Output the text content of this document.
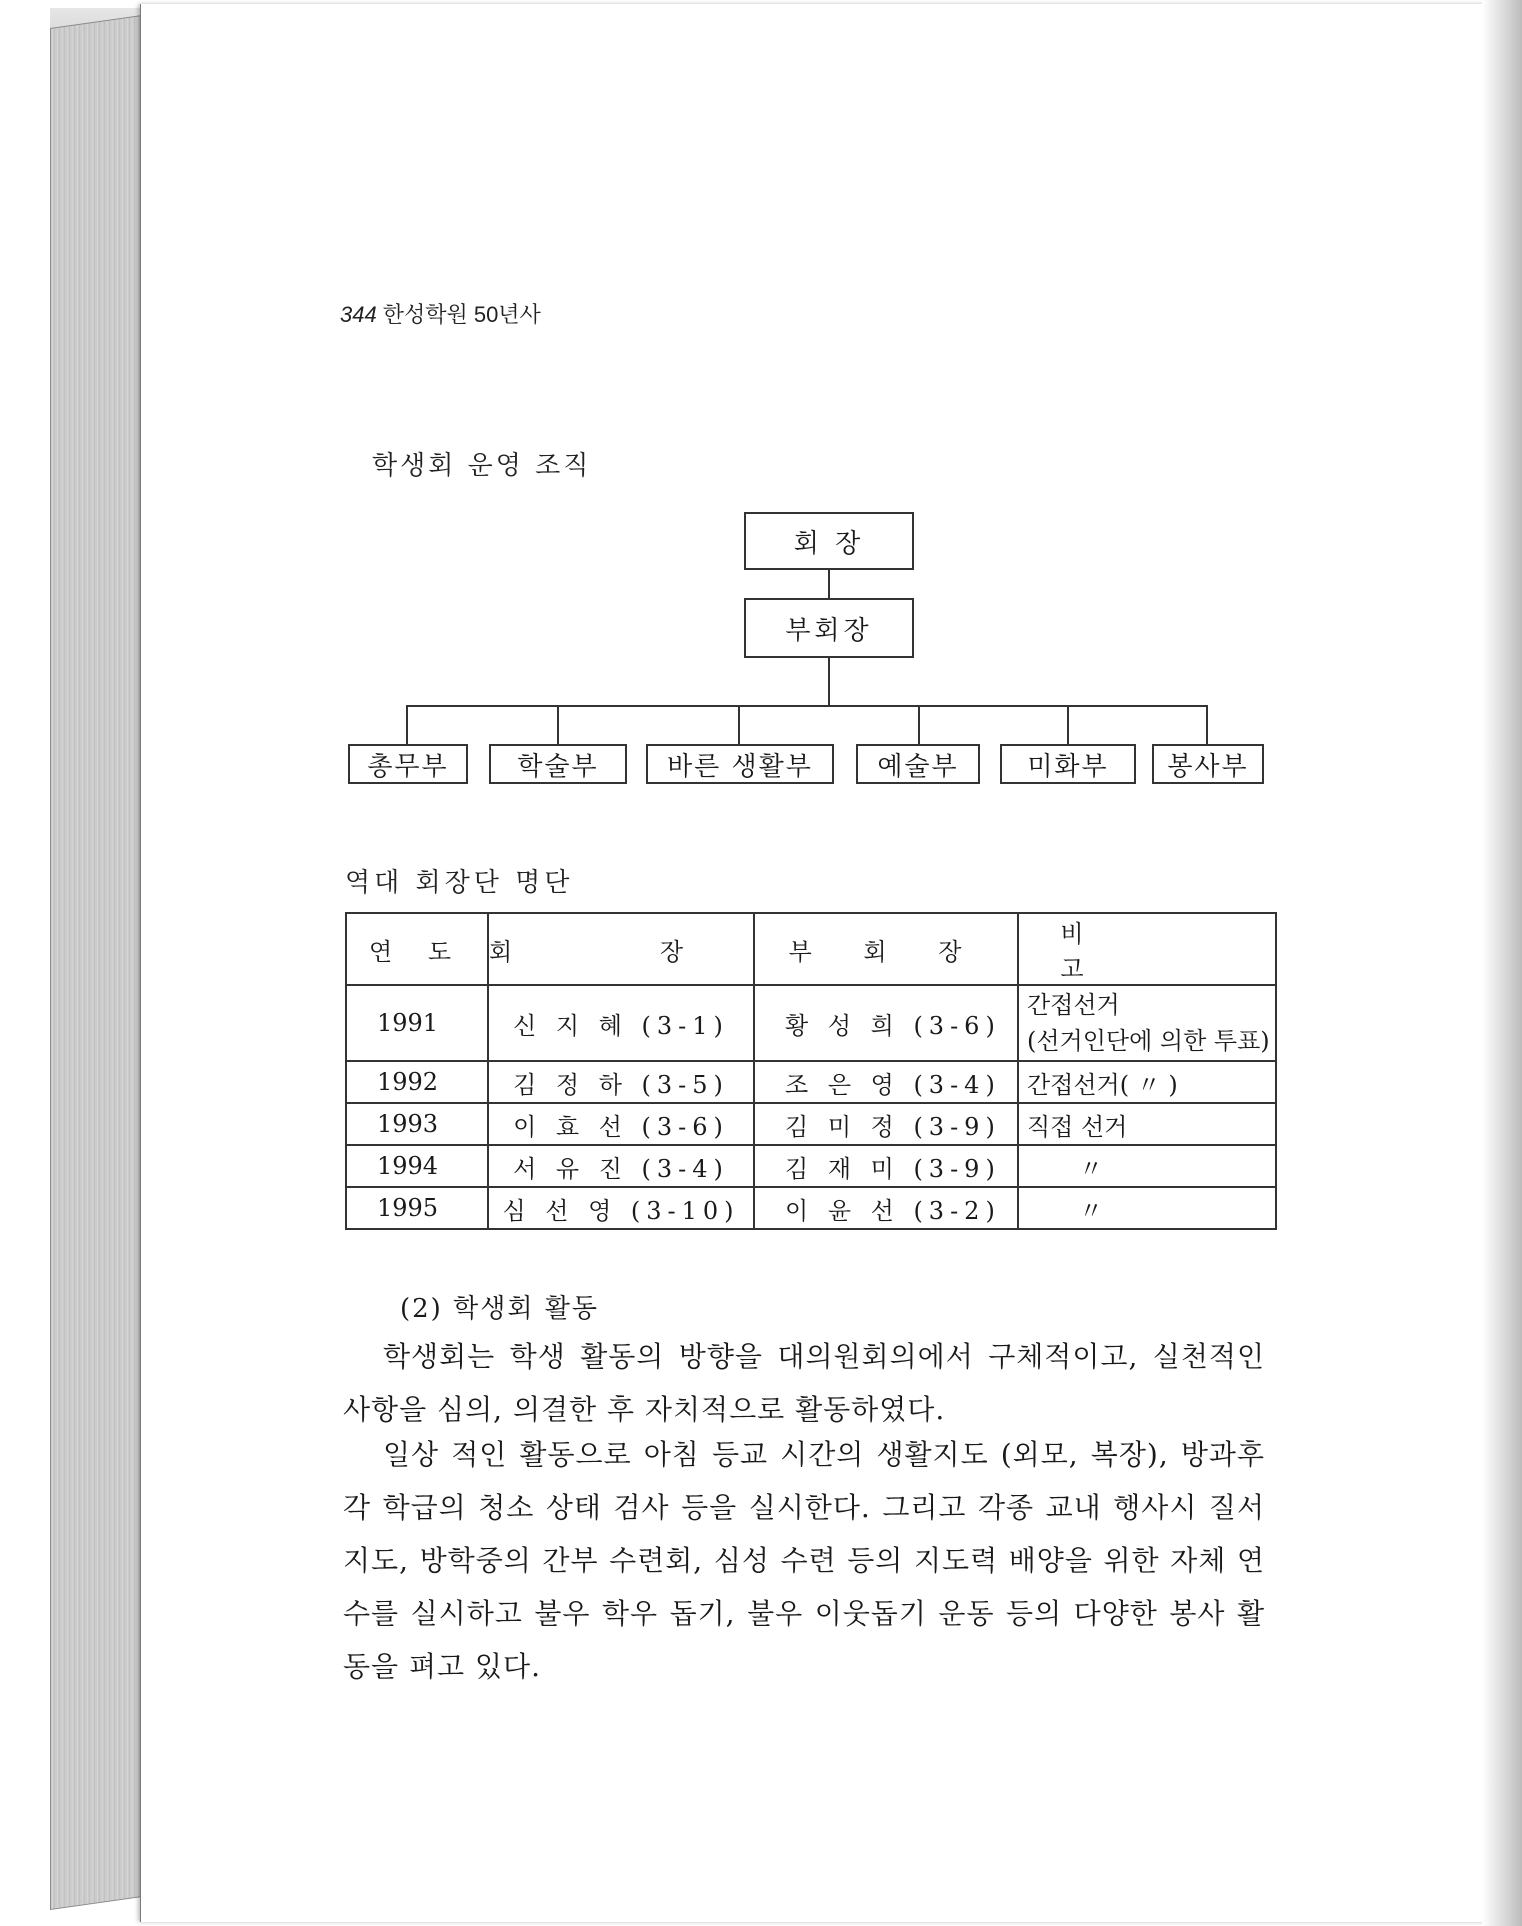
344 한성학원 50년사
학생회 운영 조직
회 장
부회장
총무부	학술부	바른 생활부	예술부	미화부	봉사부
역대 회장단 명단
연 도	회 장	부 회 장	비 고
1991	신 지 혜 (3-1)	황 성 희 (3-6)	간접선거
(선거인단에 의한 투표)

1992	김 정 하 (3-5)	조 은 영 (3-4)	간접선거( 〃 )
1993	이 효 선 (3-6)	김 미 정 (3-9)	직접 선거
1994	서 유 진 (3-4)	김 재 미 (3-9)	〃
1995	심 선 영 (3-10)	이 윤 선 (3-2)	〃
(2) 학생회 활동

학생회는 학생 활동의 방향을 대의원회의에서 구체적이고, 실천적인 사항을 심의, 의결한 후 자치적으로 활동하였다.

일상 적인 활동으로 아침 등교 시간의 생활지도 (외모, 복장), 방과후 각 학급의 청소 상태 검사 등을 실시한다. 그리고 각종 교내 행사시 질서 지도, 방학중의 간부 수련회, 심성 수련 등의 지도력 배양을 위한 자체 연수를 실시하고 불우 학우 돕기, 불우 이웃돕기 운동 등의 다양한 봉사 활동을 펴고 있다.
